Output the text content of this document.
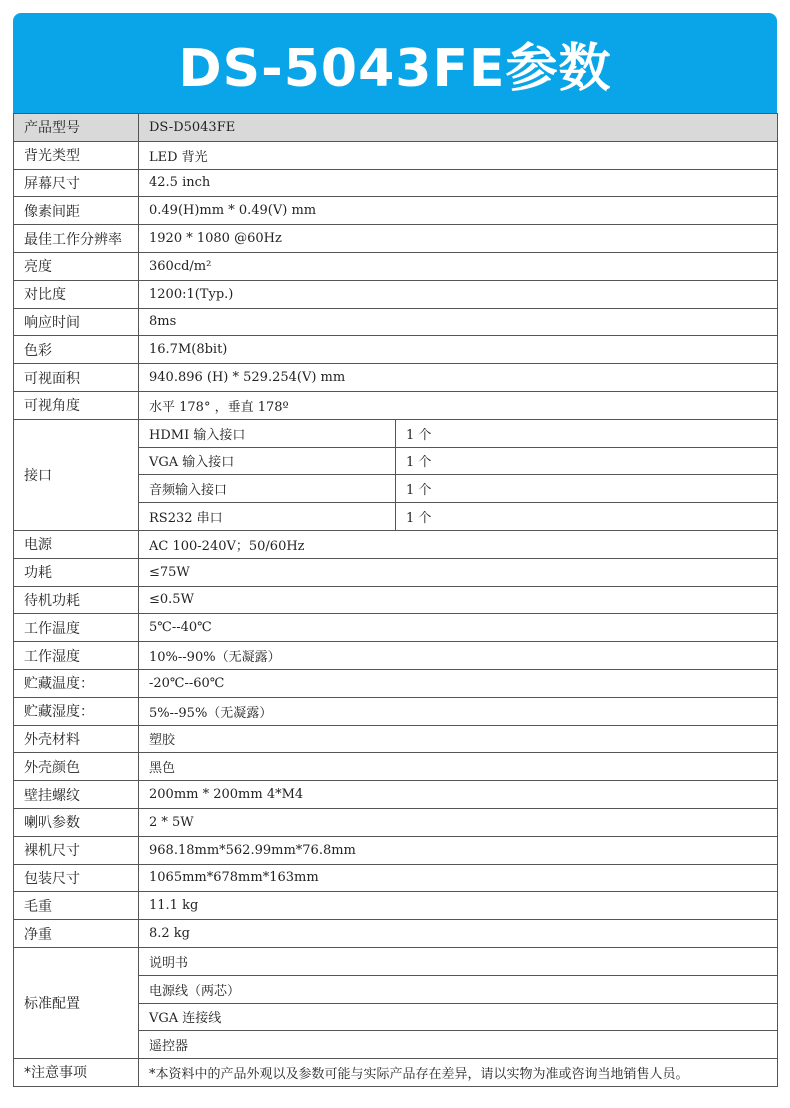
DS-5043FE参数
产品型号	DS-D5043FE	
背光类型	LED 背光	
屏幕尺寸	42.5 inch	
像素间距	0.49(H)mm * 0.49(V) mm	
最佳工作分辨率	1920 * 1080 @60Hz	
亮度	360cd/m²	
对比度	1200:1(Typ.)	
响应时间	8ms	
色彩	16.7M(8bit)	
可视面积	940.896 (H) * 529.254(V) mm	
可视角度	水平 178° ，垂直 178º	
接口	HDMI 输入接口	1 个
	VGA 输入接口	1 个
	音频输入接口	1 个
	RS232 串口	1 个
电源	AC 100-240V；50/60Hz	
功耗	≤75W	
待机功耗	≤0.5W	
工作温度	5℃--40℃	
工作湿度	10%--90%（无凝露）	
贮藏温度：	-20℃--60℃	
贮藏湿度：	5%--95%（无凝露）	
外壳材料	塑胶	
外壳颜色	黑色	
壁挂螺纹	200mm * 200mm 4*M4	
喇叭参数	2 * 5W	
裸机尺寸	968.18mm*562.99mm*76.8mm	
包装尺寸	1065mm*678mm*163mm	
毛重	11.1 kg	
净重	8.2 kg	
标准配置	说明书	
	电源线（两芯）	
	VGA 连接线	
	遥控器	
*注意事项	*本资料中的产品外观以及参数可能与实际产品存在差异，请以实物为准或咨询当地销售人员。	
